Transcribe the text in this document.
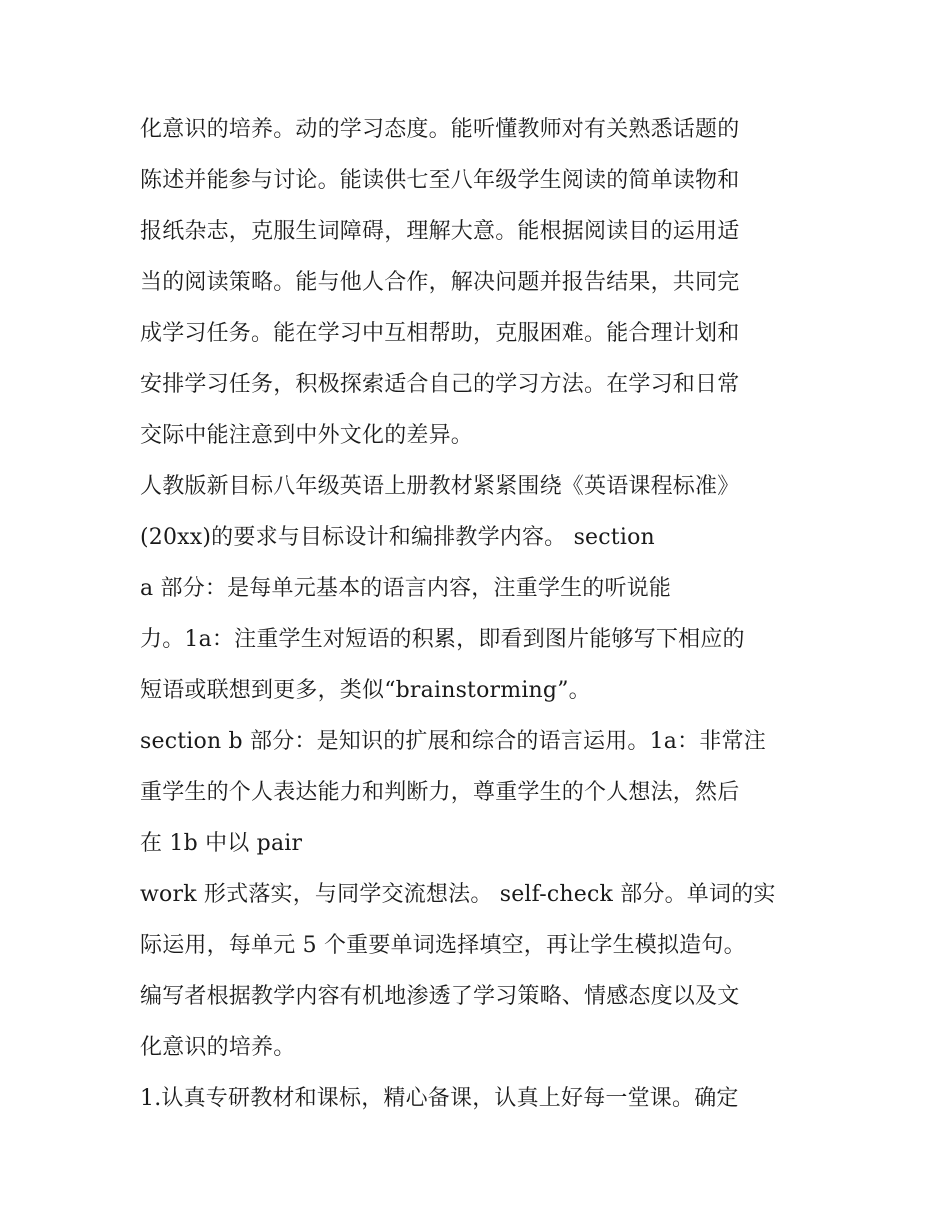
化意识的培养。动的学习态度。能听懂教师对有关熟悉话题的
陈述并能参与讨论。能读供七至八年级学生阅读的简单读物和
报纸杂志，克服生词障碍，理解大意。能根据阅读目的运用适
当的阅读策略。能与他人合作，解决问题并报告结果，共同完
成学习任务。能在学习中互相帮助，克服困难。能合理计划和
安排学习任务，积极探索适合自己的学习方法。在学习和日常
交际中能注意到中外文化的差异。
人教版新目标八年级英语上册教材紧紧围绕《英语课程标准》
(20xx)的要求与目标设计和编排教学内容。 section
a 部分：是每单元基本的语言内容，注重学生的听说能
力。1a：注重学生对短语的积累，即看到图片能够写下相应的
短语或联想到更多，类似“brainstorming”。
section b 部分：是知识的扩展和综合的语言运用。1a：非常注
重学生的个人表达能力和判断力，尊重学生的个人想法，然后
在 1b 中以 pair
work 形式落实，与同学交流想法。 self-check 部分。单词的实
际运用，每单元 5 个重要单词选择填空，再让学生模拟造句。
编写者根据教学内容有机地渗透了学习策略、情感态度以及文
化意识的培养。
1.认真专研教材和课标，精心备课，认真上好每一堂课。确定
